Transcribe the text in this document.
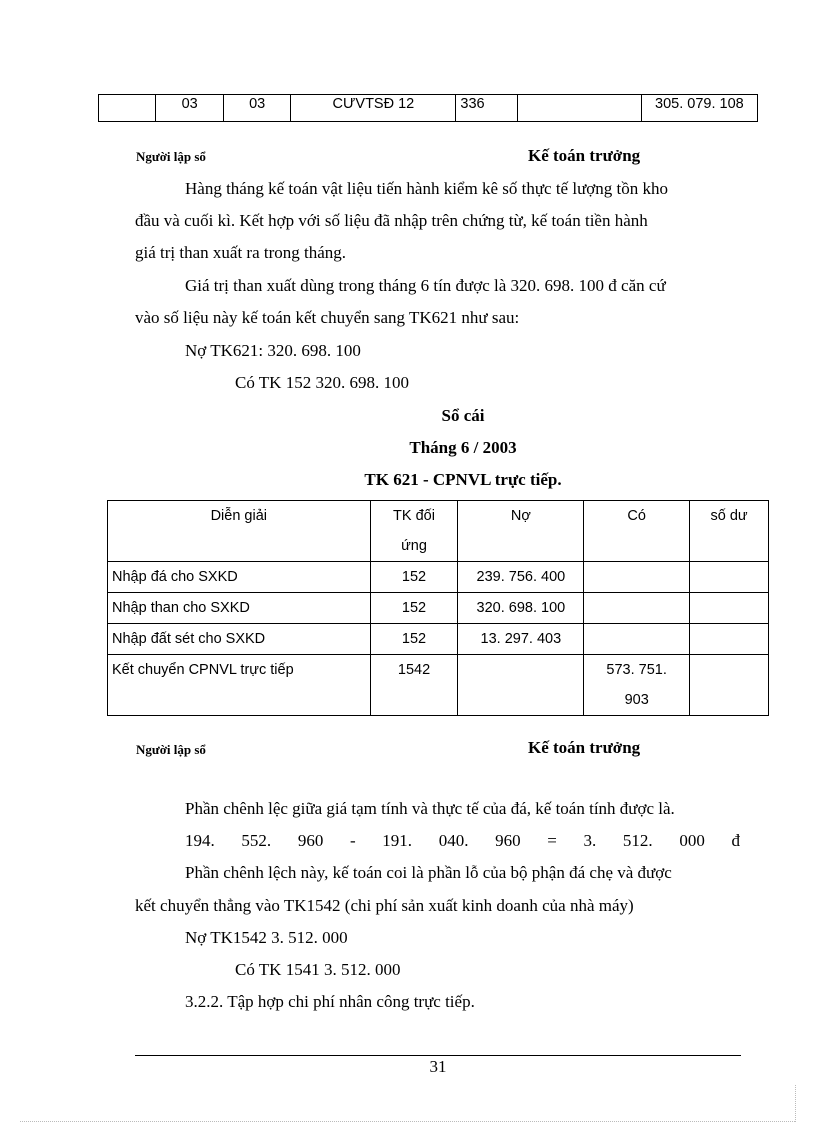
	03	03	CƯVTSĐ 12	336		305. 079. 108
Người lập sổ	Kế toán trưởng
Hàng tháng kế toán vật liệu tiến hành kiểm kê số thực tế lượng tồn kho
đầu và cuối kì. Kết hợp với số liệu đã nhập trên chứng từ, kế toán tiền hành
giá trị than xuất ra trong tháng.
Giá trị than xuất dùng trong tháng 6 tín được là 320. 698. 100 đ căn cứ
vào số liệu này kế toán kết chuyển sang TK621 như sau:
Nợ TK621: 320. 698. 100
Có TK 152 320. 698. 100
Sổ cái
Tháng 6 / 2003
TK 621 - CPNVL trực tiếp.
Diễn giải	TK đối
ứng	Nợ	Có	số dư
Nhập đá cho SXKD	152	239. 756. 400		
Nhập than cho SXKD	152	320. 698. 100		
Nhập đất sét cho SXKD	152	13. 297. 403		
Kết chuyển CPNVL trực tiếp	1542		573. 751.
903	

Người lập sổ	Kế toán trưởng
Phần chênh lệc giữa giá tạm tính và thực tế của đá, kế toán tính được là.
194. 552. 960 - 191. 040. 960 = 3. 512. 000 đ
Phần chênh lệch này, kế toán coi là phần lỗ của bộ phận đá chẹ và được
kết chuyển thẳng vào TK1542 (chi phí sản xuất kinh doanh của nhà máy)
Nợ TK1542 3. 512. 000
Có TK 1541 3. 512. 000
3.2.2. Tập hợp chi phí nhân công trực tiếp.
31
